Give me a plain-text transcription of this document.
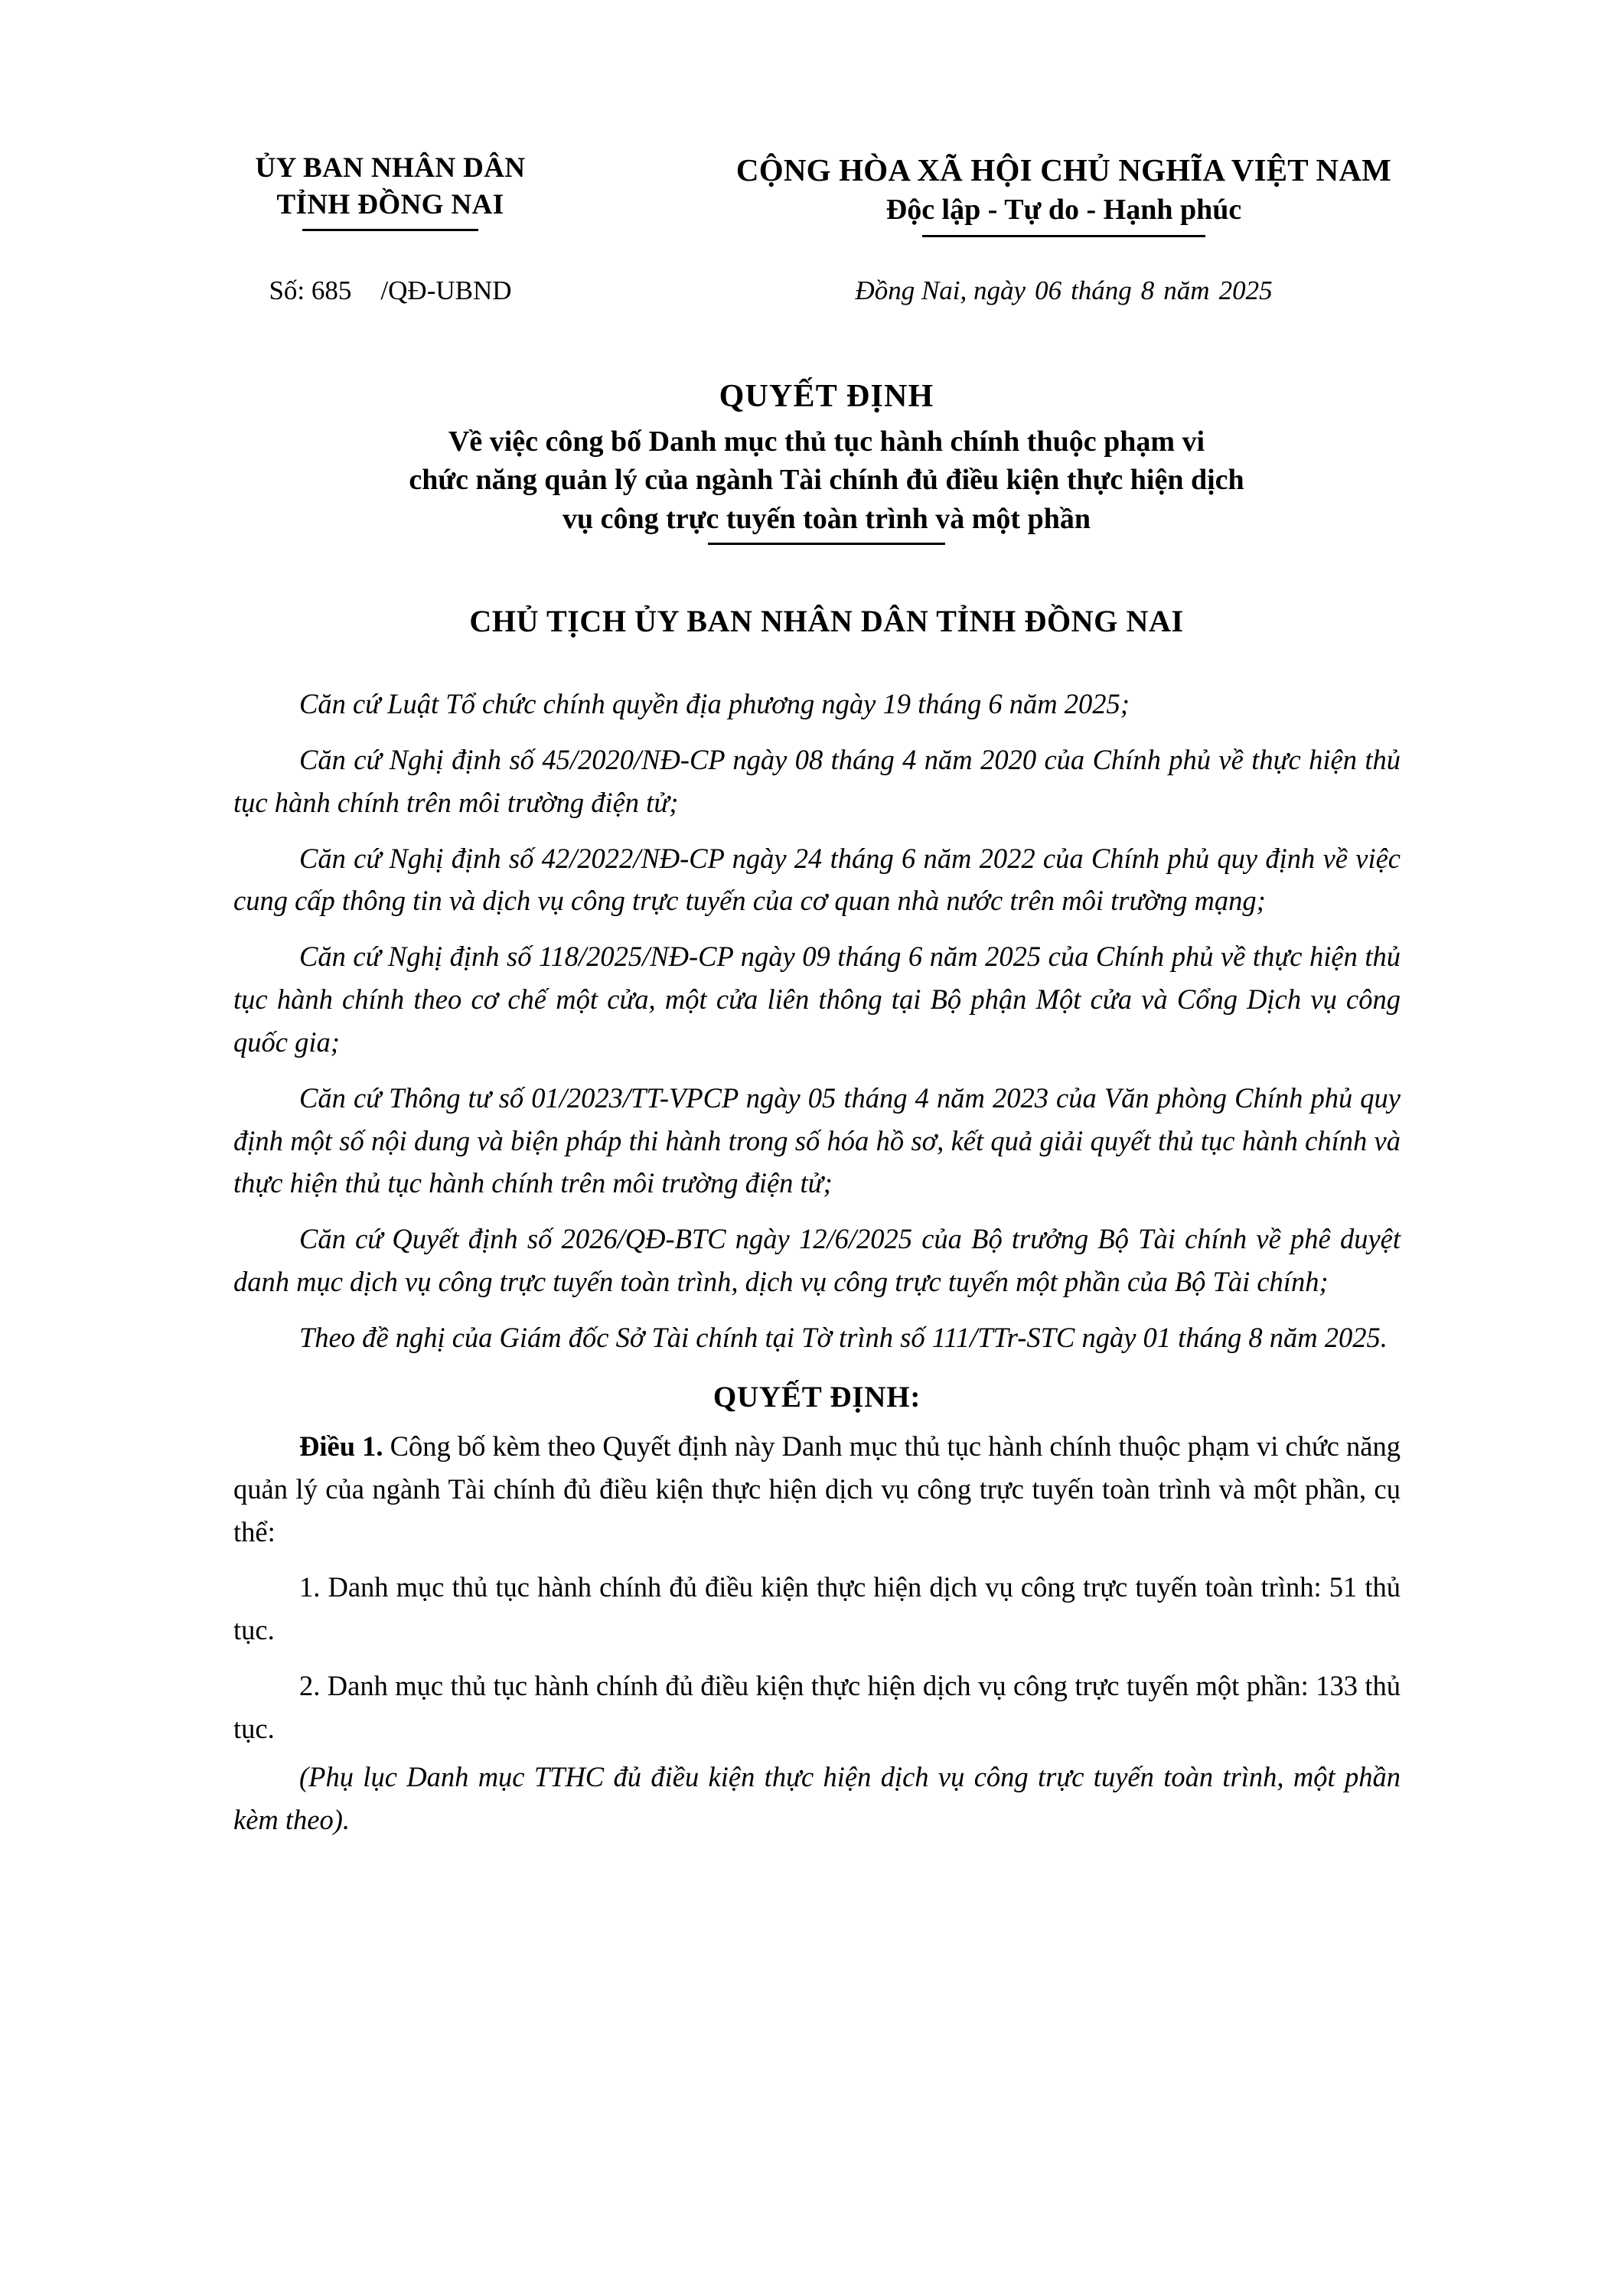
ỦY BAN NHÂN DÂN
TỈNH ĐỒNG NAI
CỘNG HÒA XÃ HỘI CHỦ NGHĨA VIỆT NAM
Độc lập - Tự do - Hạnh phúc
Số: 685 /QĐ-UBND	Đồng Nai, ngày 06 tháng 8 năm 2025
QUYẾT ĐỊNH
Về việc công bố Danh mục thủ tục hành chính thuộc phạm vi
chức năng quản lý của ngành Tài chính đủ điều kiện thực hiện dịch
vụ công trực tuyến toàn trình và một phần
CHỦ TỊCH ỦY BAN NHÂN DÂN TỈNH ĐỒNG NAI

Căn cứ Luật Tổ chức chính quyền địa phương ngày 19 tháng 6 năm 2025;

Căn cứ Nghị định số 45/2020/NĐ-CP ngày 08 tháng 4 năm 2020 của Chính phủ về thực hiện thủ tục hành chính trên môi trường điện tử;

Căn cứ Nghị định số 42/2022/NĐ-CP ngày 24 tháng 6 năm 2022 của Chính phủ quy định về việc cung cấp thông tin và dịch vụ công trực tuyến của cơ quan nhà nước trên môi trường mạng;

Căn cứ Nghị định số 118/2025/NĐ-CP ngày 09 tháng 6 năm 2025 của Chính phủ về thực hiện thủ tục hành chính theo cơ chế một cửa, một cửa liên thông tại Bộ phận Một cửa và Cổng Dịch vụ công quốc gia;

Căn cứ Thông tư số 01/2023/TT-VPCP ngày 05 tháng 4 năm 2023 của Văn phòng Chính phủ quy định một số nội dung và biện pháp thi hành trong số hóa hồ sơ, kết quả giải quyết thủ tục hành chính và thực hiện thủ tục hành chính trên môi trường điện tử;

Căn cứ Quyết định số 2026/QĐ-BTC ngày 12/6/2025 của Bộ trưởng Bộ Tài chính về phê duyệt danh mục dịch vụ công trực tuyến toàn trình, dịch vụ công trực tuyến một phần của Bộ Tài chính;

Theo đề nghị của Giám đốc Sở Tài chính tại Tờ trình số 111/TTr-STC ngày 01 tháng 8 năm 2025.

QUYẾT ĐỊNH:

Điều 1. Công bố kèm theo Quyết định này Danh mục thủ tục hành chính thuộc phạm vi chức năng quản lý của ngành Tài chính đủ điều kiện thực hiện dịch vụ công trực tuyến toàn trình và một phần, cụ thể:

1. Danh mục thủ tục hành chính đủ điều kiện thực hiện dịch vụ công trực tuyến toàn trình: 51 thủ tục.

2. Danh mục thủ tục hành chính đủ điều kiện thực hiện dịch vụ công trực tuyến một phần: 133 thủ tục.

(Phụ lục Danh mục TTHC đủ điều kiện thực hiện dịch vụ công trực tuyến toàn trình, một phần kèm theo).
